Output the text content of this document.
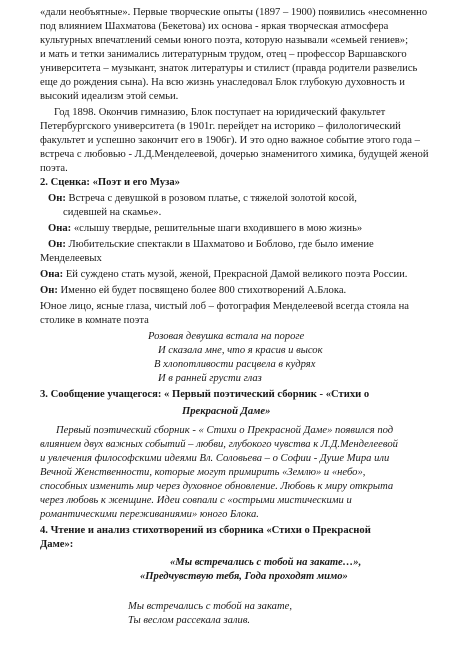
«дали необъятные». Первые творческие опыты (1897 – 1900) появились «несомненно

под влиянием Шахматова (Бекетова) их основа - яркая творческая атмосфера

культурных впечатлений семьи юного поэта, которую называли «семьей гениев»;

и мать и тетки занимались литературным трудом, отец – профессор Варшавского

университета – музыкант, знаток литературы и стилист (правда родители развелись

еще до рождения сына). На всю жизнь унаследовал Блок глубокую духовность и

высокий идеализм этой семьи.

Год 1898. Окончив гимназию, Блок поступает на юридический факультет

Петербургского университета (в 1901г. перейдет на историко – филологический

факультет и успешно закончит его в 1906г). И это одно важное событие этого года –

встреча с любовью - Л.Д.Менделеевой, дочерью знаменитого химика, будущей женой

поэта.

2. Сценка: «Поэт и его Муза»

Он: Встреча с девушкой в розовом платье, с тяжелой золотой косой,

сидевшей на скамье».

Она: «слышу твердые, решительные шаги входившего в мою жизнь»

Он: Любительские спектакли в Шахматово и Боблово, где было имение

Менделеевых

Она: Ей суждено стать музой, женой, Прекрасной Дамой великого поэта России.

Он: Именно ей будет посвящено более 800 стихотворений А.Блока.

Юное лицо, ясные глаза, чистый лоб – фотография Менделеевой всегда стояла на

столике в комнате поэта

Розовая девушка встала на пороге

И сказала мне, что я красив и высок

В хлопотливости расцвела в кудрях

И в ранней грусти глаз

3. Сообщение учащегося: « Первый поэтический сборник - «Стихи о

Прекрасной Даме»

Первый поэтический сборник - « Стихи о Прекрасной Даме» появился под

влиянием двух важных событий – любви, глубокого чувства к Л.Д.Менделеевой

и увлечения философскими идеями Вл. Соловьева – о Софии - Душе Мира или

Вечной Женственности, которые могут примирить «Землю» и «небо»,

способных изменить мир через духовное обновление. Любовь к миру открыта

через любовь к женщине. Идеи совпали с «острыми мистическими и

романтическими переживаниями» юного Блока.

4. Чтение и анализ стихотворений из сборника «Стихи о Прекрасной

Даме»:

«Мы встречались с тобой на закате…»,

«Предчувствую тебя, Года проходят мимо»

Мы встречались с тобой на закате,

Ты веслом рассекала залив.
